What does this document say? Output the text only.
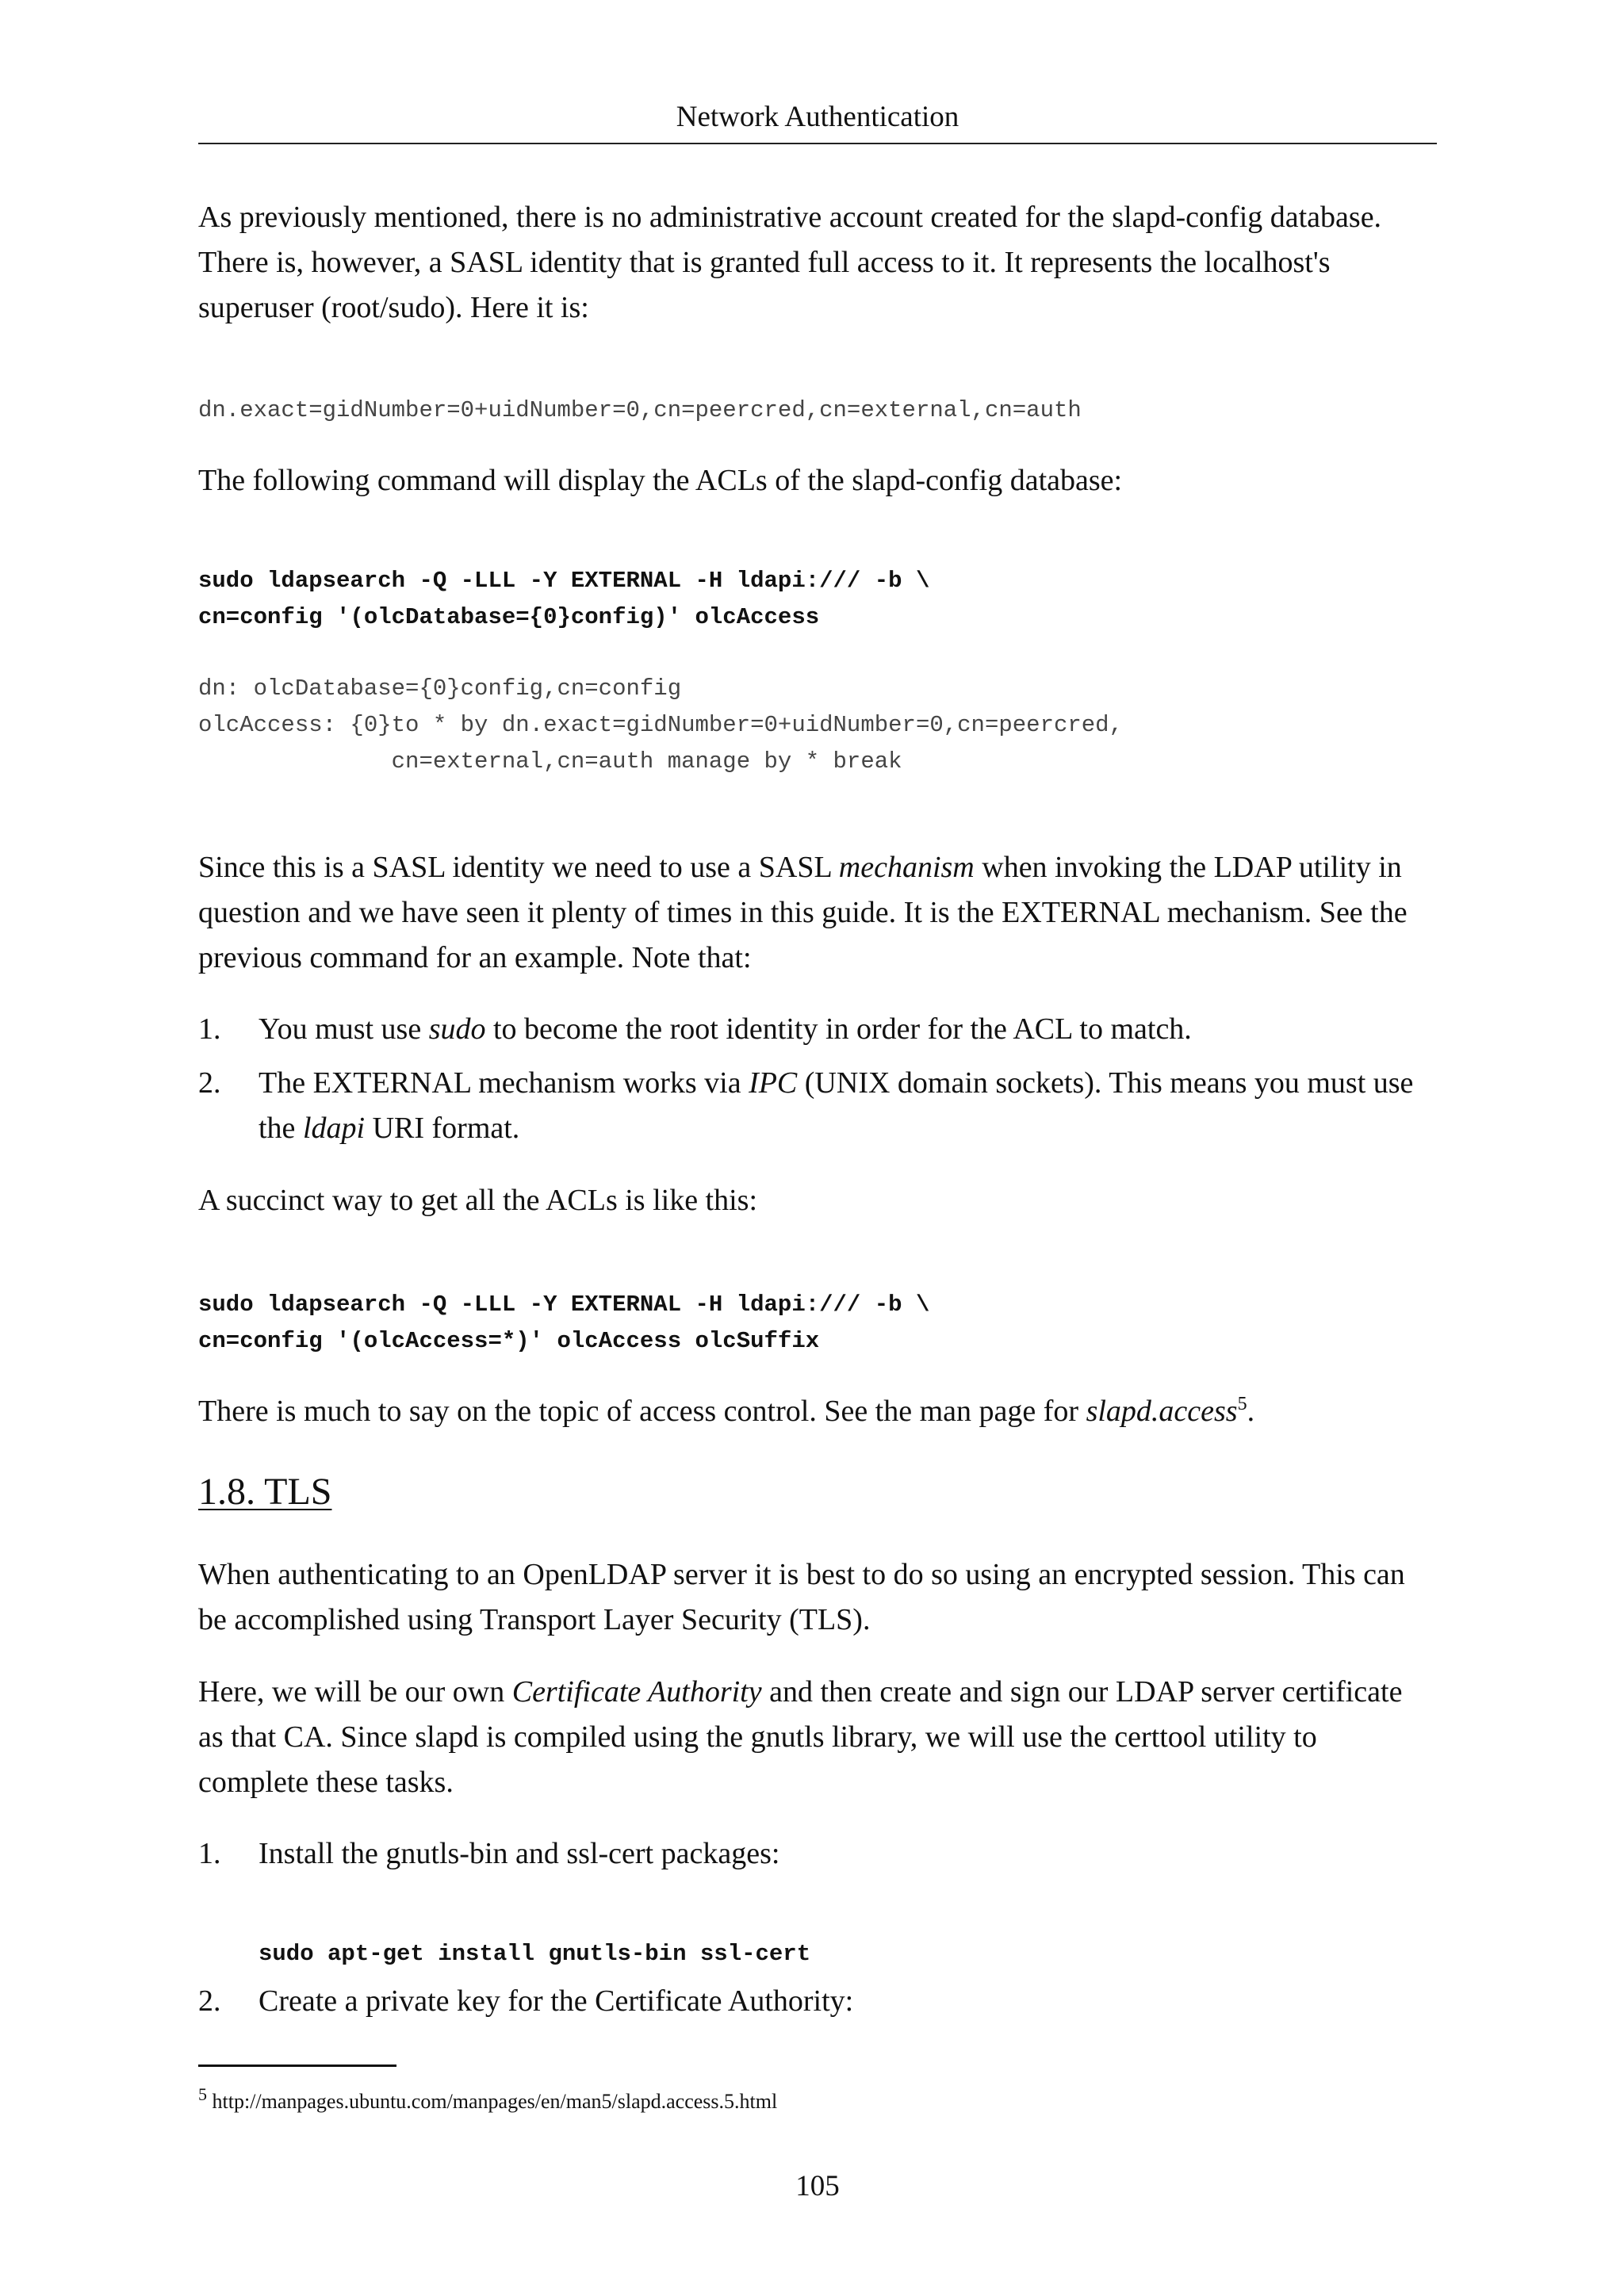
Network Authentication

As previously mentioned, there is no administrative account created for the slapd-config database.
There is, however, a SASL identity that is granted full access to it. It represents the localhost's
superuser (root/sudo). Here it is:

dn.exact=gidNumber=0+uidNumber=0,cn=peercred,cn=external,cn=auth

The following command will display the ACLs of the slapd-config database:

sudo ldapsearch -Q -LLL -Y EXTERNAL -H ldapi:/// -b \
cn=config '(olcDatabase={0}config)' olcAccess
dn: olcDatabase={0}config,cn=config
olcAccess: {0}to * by dn.exact=gidNumber=0+uidNumber=0,cn=peercred,
cn=external,cn=auth manage by * break

Since this is a SASL identity we need to use a SASL mechanism when invoking the LDAP utility in
question and we have seen it plenty of times in this guide. It is the EXTERNAL mechanism. See the
previous command for an example. Note that:

1. You must use sudo to become the root identity in order for the ACL to match.
2. The EXTERNAL mechanism works via IPC (UNIX domain sockets). This means you must use
the ldapi URI format.

A succinct way to get all the ACLs is like this:

sudo ldapsearch -Q -LLL -Y EXTERNAL -H ldapi:/// -b \
cn=config '(olcAccess=*)' olcAccess olcSuffix

There is much to say on the topic of access control. See the man page for slapd.access$^5$.

1.8. TLS

When authenticating to an OpenLDAP server it is best to do so using an encrypted session. This can
be accomplished using Transport Layer Security (TLS).

Here, we will be our own Certificate Authority and then create and sign our LDAP server certificate
as that CA. Since slapd is compiled using the gnutls library, we will use the certtool utility to
complete these tasks.

1. Install the gnutls-bin and ssl-cert packages:
sudo apt-get install gnutls-bin ssl-cert
2. Create a private key for the Certificate Authority:
$^5$ http://manpages.ubuntu.com/manpages/en/man5/slapd.access.5.html
105
